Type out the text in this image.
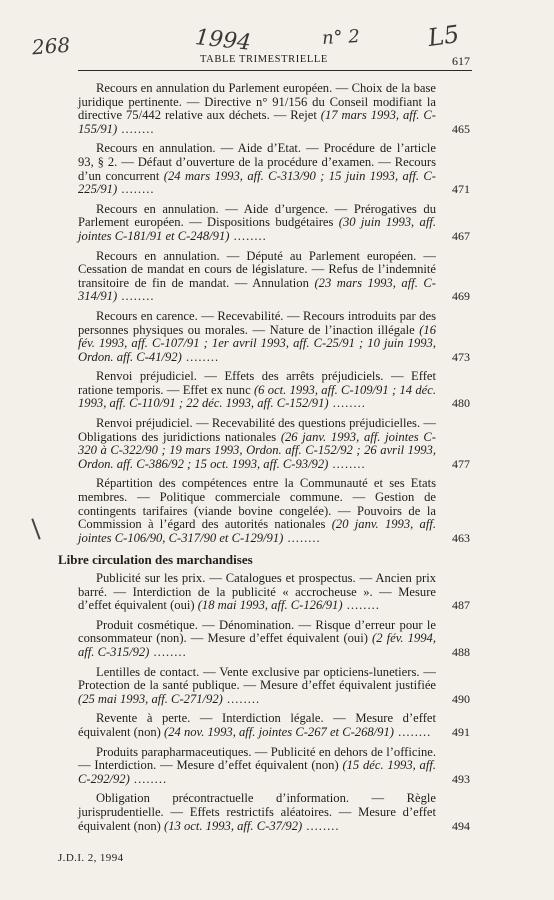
268	1994	n° 2	L5
TABLE TRIMESTRIELLE	617
Recours en annulation du Parlement européen. — Choix de la base juridique pertinente. — Directive n° 91/156 du Conseil modifiant la directive 75/442 relative aux déchets. — Rejet (17 mars 1993, aff. C-155/91) ........	465
Recours en annulation. — Aide d’Etat. — Procédure de l’article 93, § 2. — Défaut d’ouverture de la procédure d’examen. — Recours d’un concurrent (24 mars 1993, aff. C-313/90 ; 15 juin 1993, aff. C-225/91) ........	471
Recours en annulation. — Aide d’urgence. — Prérogatives du Parlement européen. — Dispositions budgétaires (30 juin 1993, aff. jointes C-181/91 et C-248/91) ........	467
Recours en annulation. — Député au Parlement européen. — Cessation de mandat en cours de législature. — Refus de l’indemnité transitoire de fin de mandat. — Annulation (23 mars 1993, aff. C-314/91) ........	469
Recours en carence. — Recevabilité. — Recours introduits par des personnes physiques ou morales. — Nature de l’inaction illégale (16 fév. 1993, aff. C-107/91 ; 1er avril 1993, aff. C-25/91 ; 10 juin 1993, Ordon. aff. C-41/92) ........	473
Renvoi préjudiciel. — Effets des arrêts préjudiciels. — Effet ratione temporis. — Effet ex nunc (6 oct. 1993, aff. C-109/91 ; 14 déc. 1993, aff. C-110/91 ; 22 déc. 1993, aff. C-152/91) ........	480
Renvoi préjudiciel. — Recevabilité des questions préjudicielles. — Obligations des juridictions nationales (26 janv. 1993, aff. jointes C-320 à C-322/90 ; 19 mars 1993, Ordon. aff. C-152/92 ; 26 avril 1993, Ordon. aff. C-386/92 ; 15 oct. 1993, aff. C-93/92) ........	477
Répartition des compétences entre la Communauté et ses Etats membres. — Politique commerciale commune. — Gestion de contingents tarifaires (viande bovine congelée). — Pouvoirs de la Commission à l’égard des autorités nationales (20 janv. 1993, aff. jointes C-106/90, C-317/90 et C-129/91) ........	463
Libre circulation des marchandises
Publicité sur les prix. — Catalogues et prospectus. — Ancien prix barré. — Interdiction de la publicité « accrocheuse ». — Mesure d’effet équivalent (oui) (18 mai 1993, aff. C-126/91) ........	487
Produit cosmétique. — Dénomination. — Risque d’erreur pour le consommateur (non). — Mesure d’effet équivalent (oui) (2 fév. 1994, aff. C-315/92) ........	488
Lentilles de contact. — Vente exclusive par opticiens-lunetiers. — Protection de la santé publique. — Mesure d’effet équivalent justifiée (25 mai 1993, aff. C-271/92) ........	490
Revente à perte. — Interdiction légale. — Mesure d’effet équivalent (non) (24 nov. 1993, aff. jointes C-267 et C-268/91) ........	491
Produits parapharmaceutiques. — Publicité en dehors de l’officine. — Interdiction. — Mesure d’effet équivalent (non) (15 déc. 1993, aff. C-292/92) ........	493
Obligation précontractuelle d’information. — Règle jurisprudentielle. — Effets restrictifs aléatoires. — Mesure d’effet équivalent (non) (13 oct. 1993, aff. C-37/92) ........	494
J.D.I. 2, 1994
